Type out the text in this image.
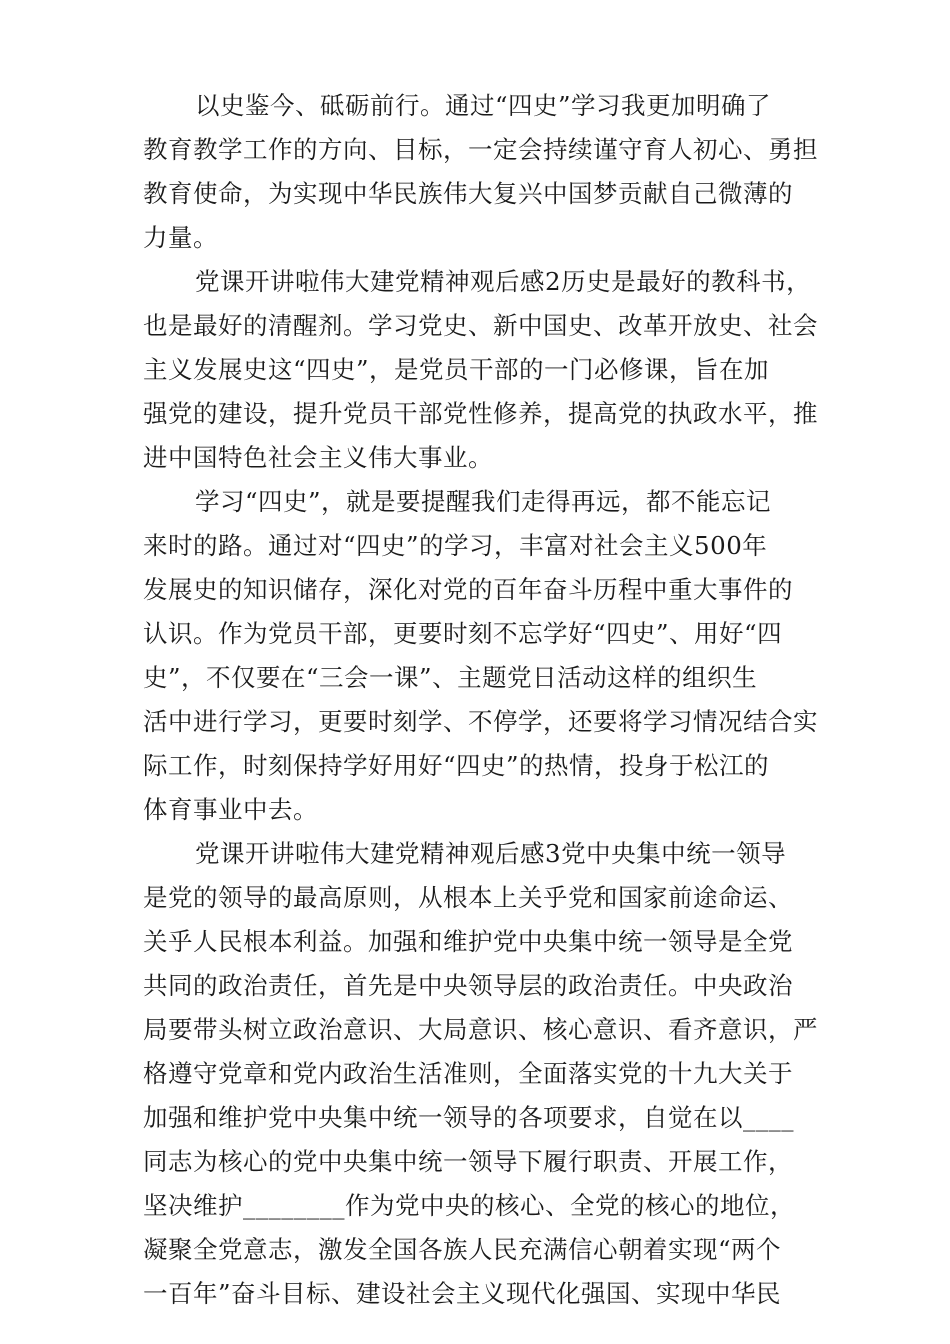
以史鉴今、砥砺前行。通过“四史”学习我更加明确了
教育教学工作的方向、目标，一定会持续谨守育人初心、勇担
教育使命，为实现中华民族伟大复兴中国梦贡献自己微薄的
力量。
党课开讲啦伟大建党精神观后感2历史是最好的教科书，
也是最好的清醒剂。学习党史、新中国史、改革开放史、社会
主义发展史这“四史”，是党员干部的一门必修课，旨在加
强党的建设，提升党员干部党性修养，提高党的执政水平，推
进中国特色社会主义伟大事业。
学习“四史”，就是要提醒我们走得再远，都不能忘记
来时的路。通过对“四史”的学习，丰富对社会主义500年
发展史的知识储存，深化对党的百年奋斗历程中重大事件的
认识。作为党员干部，更要时刻不忘学好“四史”、用好“四
史”，不仅要在“三会一课”、主题党日活动这样的组织生
活中进行学习，更要时刻学、不停学，还要将学习情况结合实
际工作，时刻保持学好用好“四史”的热情，投身于松江的
体育事业中去。
党课开讲啦伟大建党精神观后感3党中央集中统一领导
是党的领导的最高原则，从根本上关乎党和国家前途命运、
关乎人民根本利益。加强和维护党中央集中统一领导是全党
共同的政治责任，首先是中央领导层的政治责任。中央政治
局要带头树立政治意识、大局意识、核心意识、看齐意识，严
格遵守党章和党内政治生活准则，全面落实党的十九大关于
加强和维护党中央集中统一领导的各项要求，自觉在以____
同志为核心的党中央集中统一领导下履行职责、开展工作，
坚决维护________作为党中央的核心、全党的核心的地位，
凝聚全党意志，激发全国各族人民充满信心朝着实现“两个
一百年”奋斗目标、建设社会主义现代化强国、实现中华民
